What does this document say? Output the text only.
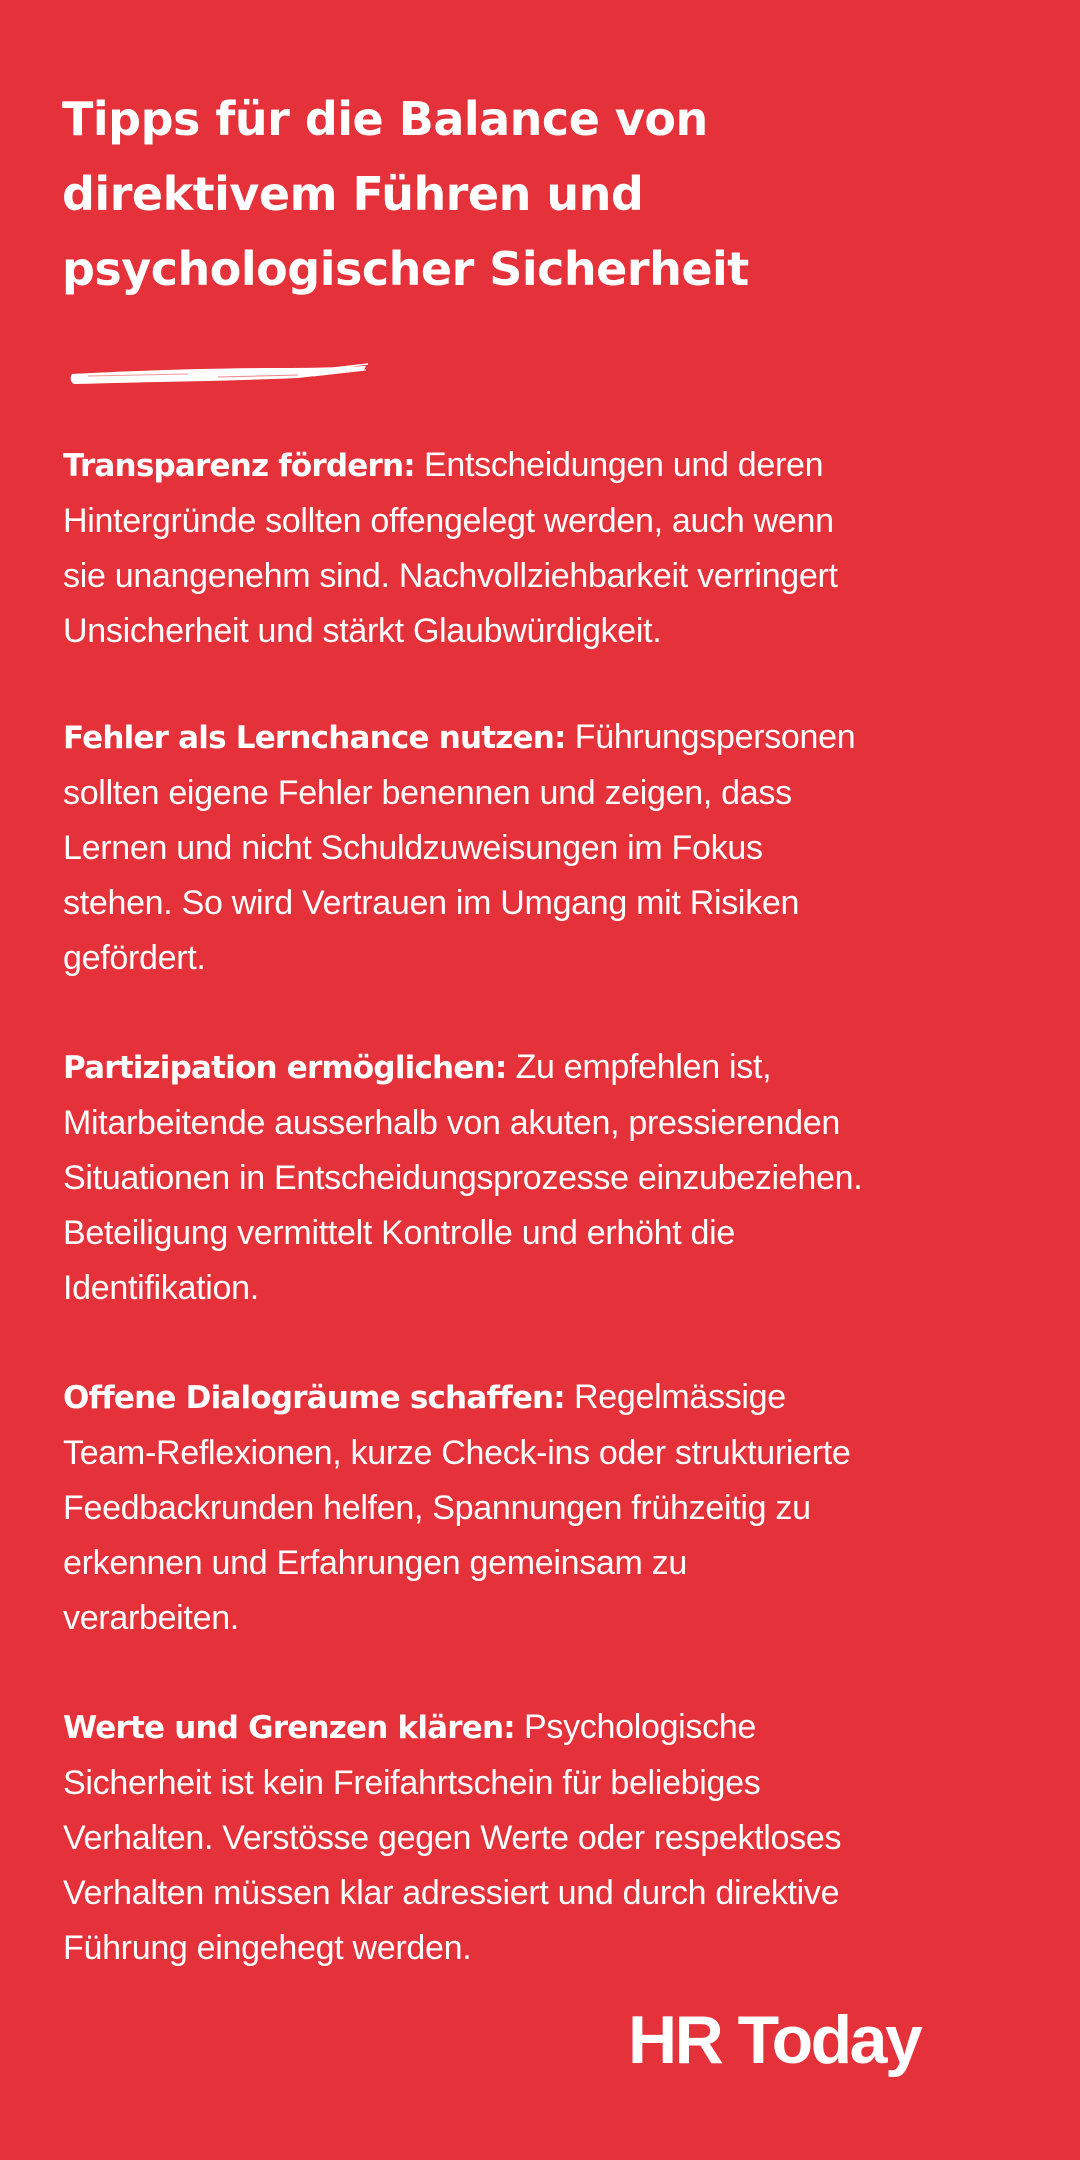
Tipps für die Balance von
direktivem Führen und
psychologischer Sicherheit
Transparenz fördern: Entscheidungen und deren
Hintergründe sollten offengelegt werden, auch wenn
sie unangenehm sind. Nachvollziehbarkeit verringert
Unsicherheit und stärkt Glaubwürdigkeit.
Fehler als Lernchance nutzen: Führungspersonen
sollten eigene Fehler benennen und zeigen, dass
Lernen und nicht Schuldzuweisungen im Fokus
stehen. So wird Vertrauen im Umgang mit Risiken
gefördert.
Partizipation ermöglichen: Zu empfehlen ist,
Mitarbeitende ausserhalb von akuten, pressierenden
Situationen in Entscheidungsprozesse einzubeziehen.
Beteiligung vermittelt Kontrolle und erhöht die
Identifikation.
Offene Dialogräume schaffen: Regelmässige
Team-Reflexionen, kurze Check-ins oder strukturierte
Feedbackrunden helfen, Spannungen frühzeitig zu
erkennen und Erfahrungen gemeinsam zu
verarbeiten.
Werte und Grenzen klären: Psychologische
Sicherheit ist kein Freifahrtschein für beliebiges
Verhalten. Verstösse gegen Werte oder respektloses
Verhalten müssen klar adressiert und durch direktive
Führung eingehegt werden.
HR Today
